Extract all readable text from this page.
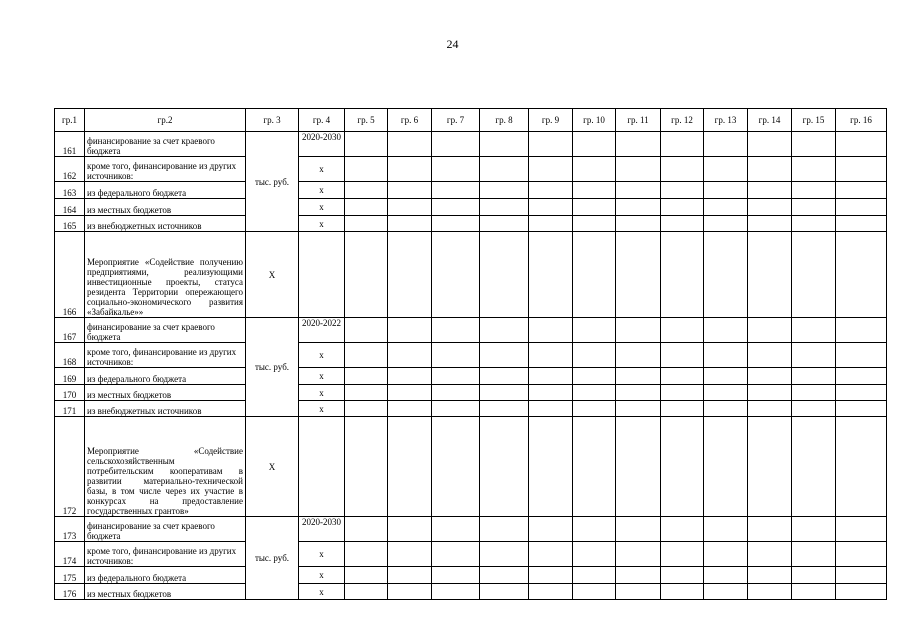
24
гр.1	гр.2	гр. 3	гр. 4	гр. 5	гр. 6	гр. 7	гр. 8	гр. 9	гр. 10	гр. 11	гр. 12	гр. 13	гр. 14	гр. 15	гр. 16
161	финансирование за счет краевого бюджета	тыс. руб.	2020-2030												
162	кроме того, финансирование из других источников:		х												
163	из федерального бюджета		х												
164	из местных бюджетов		х												
165	из внебюджетных источников		х												
166	Мероприятие «Содействие получению предприятиями, реализующими инвестиционные проекты, статуса резидента Территории опережающего социально-экономического развития «Забайкалье»»	Х													
167	финансирование за счет краевого бюджета	тыс. руб.	2020-2022												
168	кроме того, финансирование из других источников:		х												
169	из федерального бюджета		х												
170	из местных бюджетов		х												
171	из внебюджетных источников		х												
172	Мероприятие «Содействие сельскохозяйственным потребительским кооперативам в развитии материально-технической базы, в том числе через их участие в конкурсах на предоставление государственных грантов»	Х													
173	финансирование за счет краевого бюджета	тыс. руб.	2020-2030												
174	кроме того, финансирование из других источников:		х												
175	из федерального бюджета		х												
176	из местных бюджетов		х												
